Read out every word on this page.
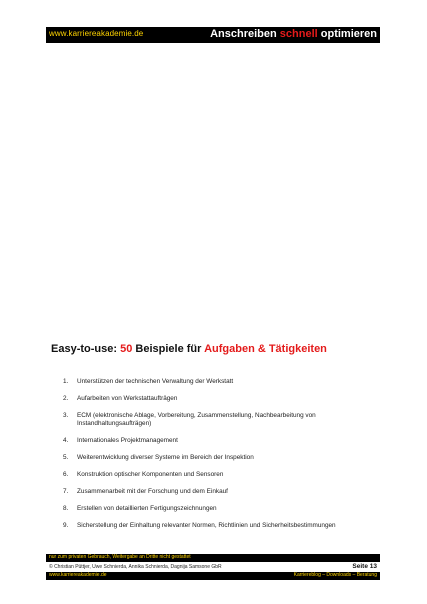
www.karriereakademie.de	Anschreiben schnell optimieren
Easy-to-use: 50 Beispiele für Aufgaben & Tätigkeiten
1. Unterstützen der technischen Verwaltung der Werkstatt
2. Aufarbeiten von Werkstattaufträgen
3. ECM (elektronische Ablage, Vorbereitung, Zusammenstellung, Nachbearbeitung von Instandhaltungsaufträgen)
4. Internationales Projektmanagement
5. Weiterentwicklung diverser Systeme im Bereich der Inspektion
6. Konstruktion optischer Komponenten und Sensoren
7. Zusammenarbeit mit der Forschung und dem Einkauf
8. Erstellen von detaillierten Fertigungszeichnungen
9. Sicherstellung der Einhaltung relevanter Normen, Richtlinien und Sicherheitsbestimmungen
nur zum privaten Gebrauch, Weitergabe an Dritte nicht gestattet
© Christian Püttjer, Uwe Schnierda, Annika Schnierda, Dagnija Samsone GbR	Seite 13
www.karriereakademie.de	Karriereblog – Downloads – Beratung
